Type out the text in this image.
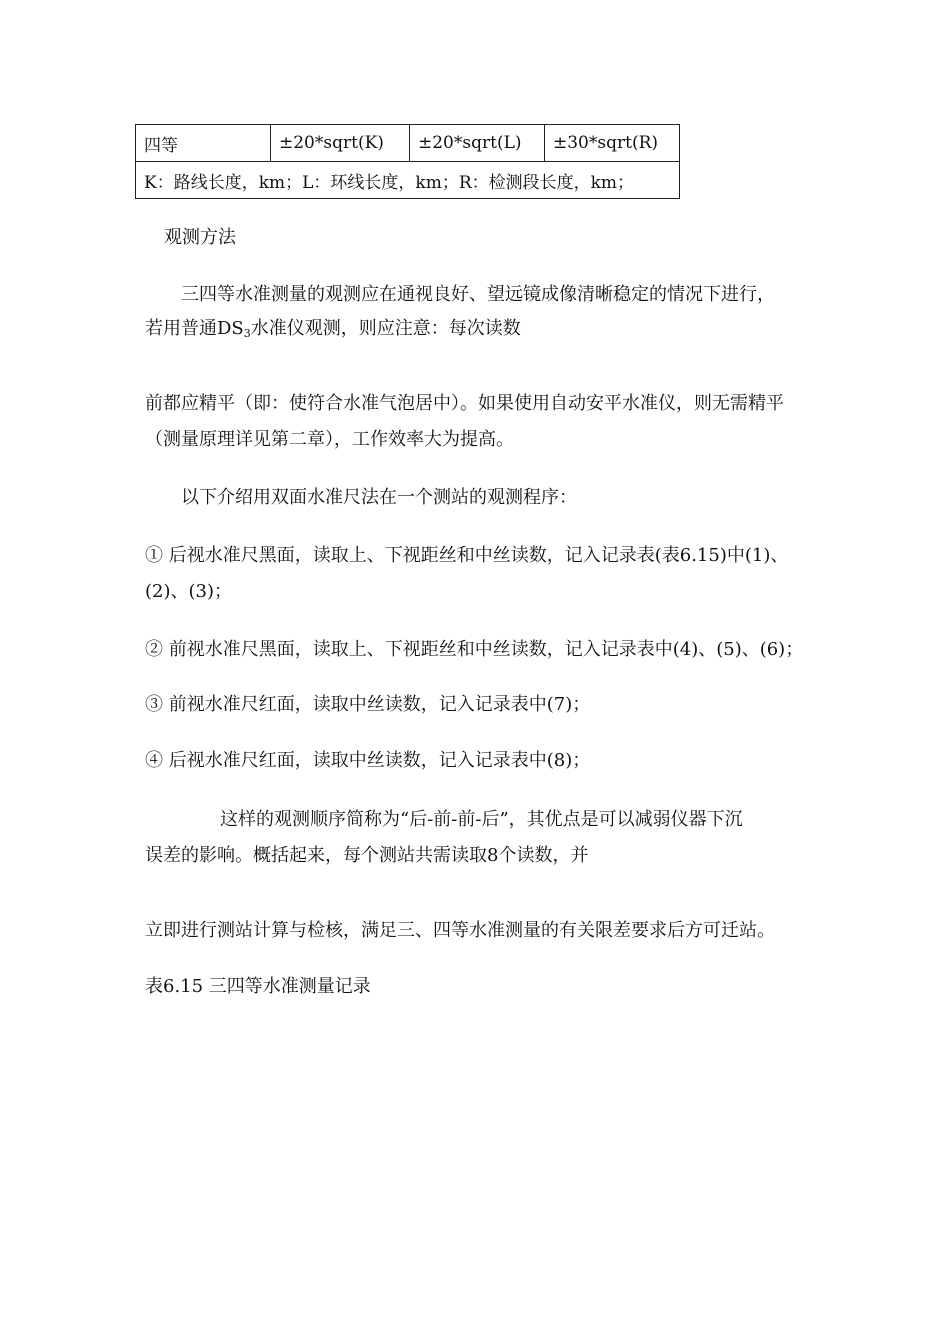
四等	±20*sqrt(K)	±20*sqrt(L)	±30*sqrt(R)
K：路线长度，km；L：环线长度，km；R：检测段长度，km；
观测方法
三四等水准测量的观测应在通视良好、望远镜成像清晰稳定的情况下进行，
若用普通$DS_3$水准仪观测，则应注意：每次读数
前都应精平（即：使符合水准气泡居中）。如果使用自动安平水准仪，则无需精平
（测量原理详见第二章），工作效率大为提高。
以下介绍用双面水准尺法在一个测站的观测程序：
① 后视水准尺黑面，读取上、下视距丝和中丝读数，记入记录表(表6.15)中(1)、
(2)、(3)；
② 前视水准尺黑面，读取上、下视距丝和中丝读数，记入记录表中(4)、(5)、(6)；
③ 前视水准尺红面，读取中丝读数，记入记录表中(7)；
④ 后视水准尺红面，读取中丝读数，记入记录表中(8)；
这样的观测顺序简称为“后-前-前-后”，其优点是可以减弱仪器下沉
误差的影响。概括起来，每个测站共需读取8个读数，并
立即进行测站计算与检核，满足三、四等水准测量的有关限差要求后方可迁站。
表6.15 三四等水准测量记录
